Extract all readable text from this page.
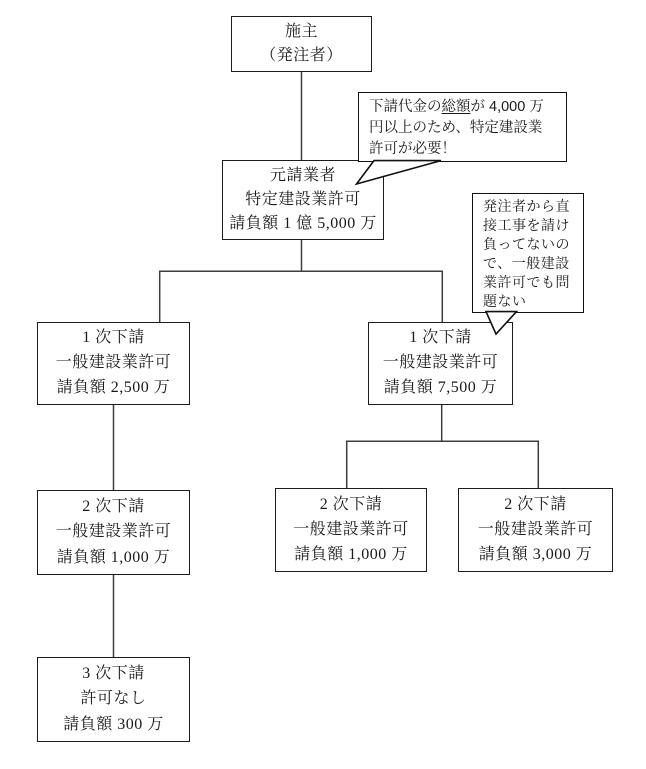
施主
（発注者）
元請業者
特定建設業許可
請負額 1 億 5,000 万
1 次下請
一般建設業許可
請負額 2,500 万
1 次下請
一般建設業許可
請負額 7,500 万
2 次下請
一般建設業許可
請負額 1,000 万
2 次下請
一般建設業許可
請負額 1,000 万
2 次下請
一般建設業許可
請負額 3,000 万
3 次下請
許可なし
請負額 300 万
下請代金の総額が 4,000 万
円以上のため、特定建設業
許可が必要！
発注者から直
接工事を請け
負ってないの
で、一般建設
業許可でも問
題ない
